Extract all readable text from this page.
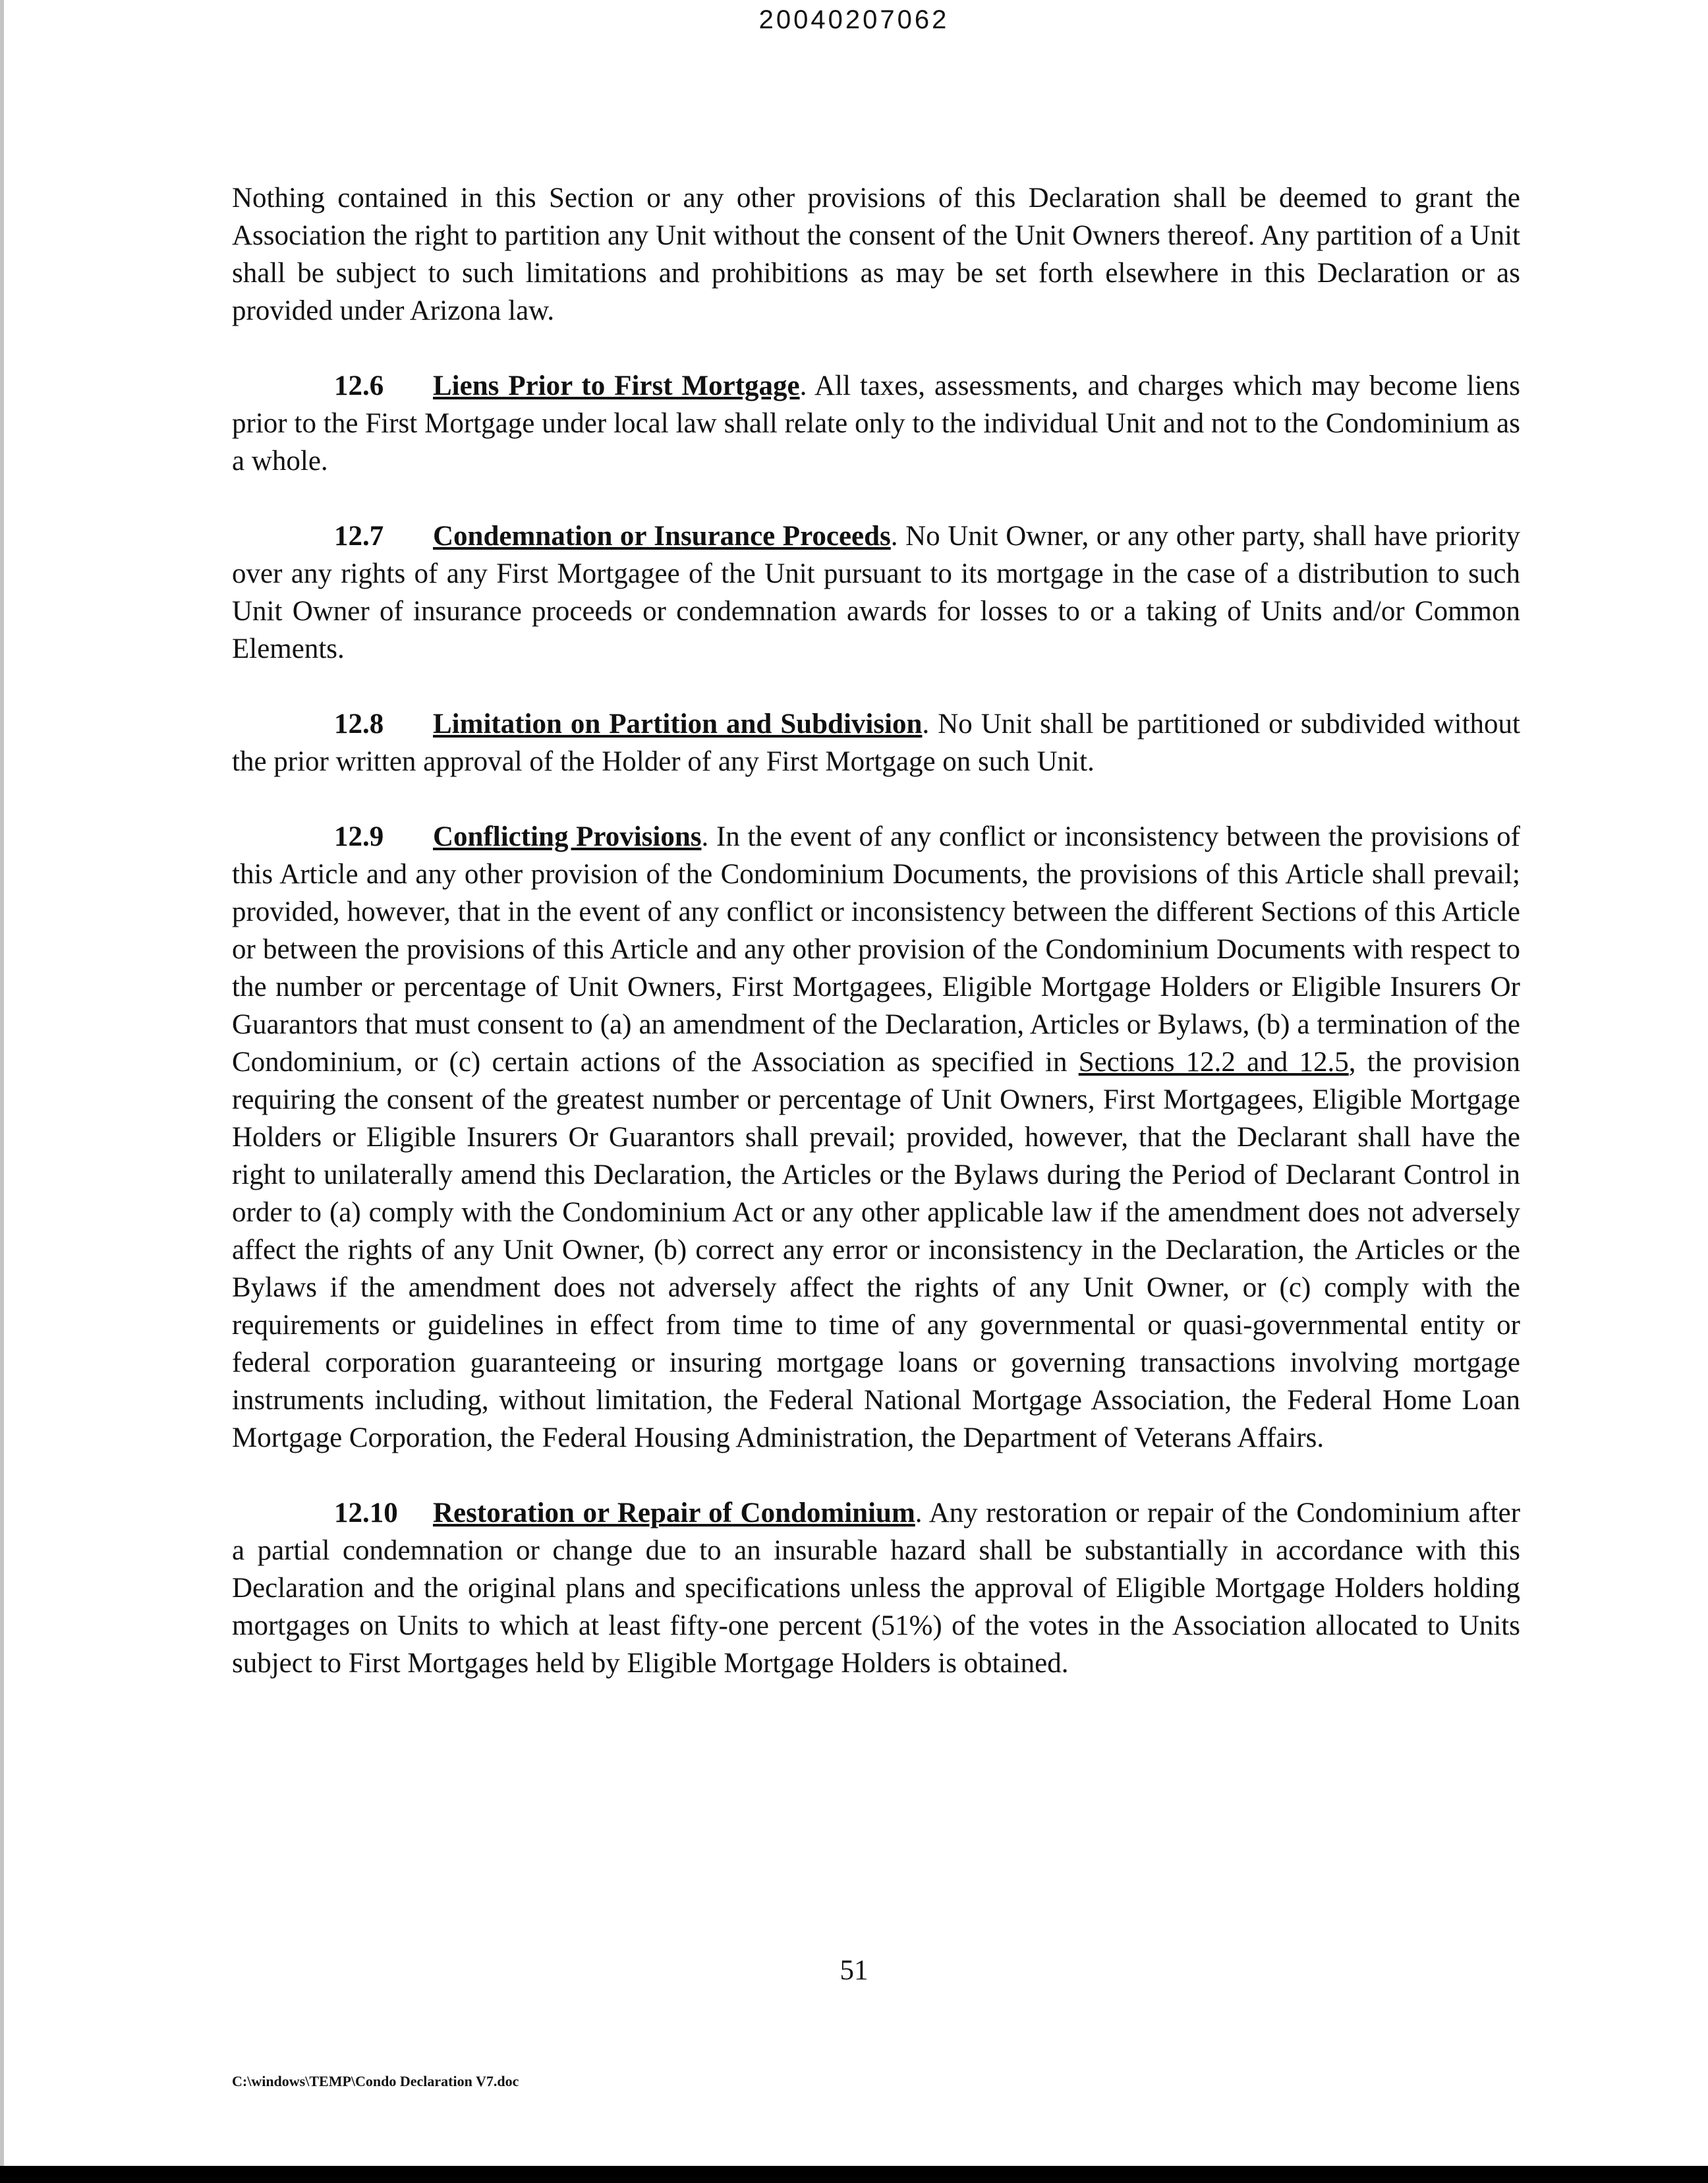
20040207062

Nothing contained in this Section or any other provisions of this Declaration shall be deemed to grant the Association the right to partition any Unit without the consent of the Unit Owners thereof. Any partition of a Unit shall be subject to such limitations and prohibitions as may be set forth elsewhere in this Declaration or as provided under Arizona law.

12.6 Liens Prior to First Mortgage. All taxes, assessments, and charges which may become liens prior to the First Mortgage under local law shall relate only to the individual Unit and not to the Condominium as a whole.

12.7 Condemnation or Insurance Proceeds. No Unit Owner, or any other party, shall have priority over any rights of any First Mortgagee of the Unit pursuant to its mortgage in the case of a distribution to such Unit Owner of insurance proceeds or condemnation awards for losses to or a taking of Units and/or Common Elements.

12.8 Limitation on Partition and Subdivision. No Unit shall be partitioned or subdivided without the prior written approval of the Holder of any First Mortgage on such Unit.

12.9 Conflicting Provisions. In the event of any conflict or inconsistency between the provisions of this Article and any other provision of the Condominium Documents, the provisions of this Article shall prevail; provided, however, that in the event of any conflict or inconsistency between the different Sections of this Article or between the provisions of this Article and any other provision of the Condominium Documents with respect to the number or percentage of Unit Owners, First Mortgagees, Eligible Mortgage Holders or Eligible Insurers Or Guarantors that must consent to (a) an amendment of the Declaration, Articles or Bylaws, (b) a termination of the Condominium, or (c) certain actions of the Association as specified in Sections 12.2 and 12.5, the provision requiring the consent of the greatest number or percentage of Unit Owners, First Mortgagees, Eligible Mortgage Holders or Eligible Insurers Or Guarantors shall prevail; provided, however, that the Declarant shall have the right to unilaterally amend this Declaration, the Articles or the Bylaws during the Period of Declarant Control in order to (a) comply with the Condominium Act or any other applicable law if the amendment does not adversely affect the rights of any Unit Owner, (b) correct any error or inconsistency in the Declaration, the Articles or the Bylaws if the amendment does not adversely affect the rights of any Unit Owner, or (c) comply with the requirements or guidelines in effect from time to time of any governmental or quasi-governmental entity or federal corporation guaranteeing or insuring mortgage loans or governing transactions involving mortgage instruments including, without limitation, the Federal National Mortgage Association, the Federal Home Loan Mortgage Corporation, the Federal Housing Administration, the Department of Veterans Affairs.

12.10 Restoration or Repair of Condominium. Any restoration or repair of the Condominium after a partial condemnation or change due to an insurable hazard shall be substantially in accordance with this Declaration and the original plans and specifications unless the approval of Eligible Mortgage Holders holding mortgages on Units to which at least fifty-one percent (51%) of the votes in the Association allocated to Units subject to First Mortgages held by Eligible Mortgage Holders is obtained.

51
C:\windows\TEMP\Condo Declaration V7.doc
